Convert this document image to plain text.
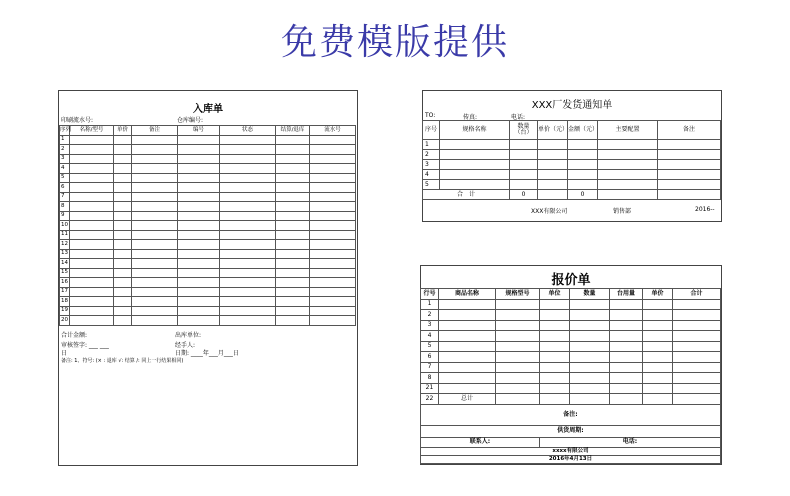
免费模版提供
入库单
印刷流水号:	仓库编号:
序列	名称/型号	单价	备注	编号	状态	结算/退库	流水号
1							
2							
3							
4							
5							
6							
7							
8							
9							
10							
11							
12							
13							
14							
15							
16							
17							
18							
19							
20							
合计金额:	出库单位:
审核签字: ___ ___	经手人:
日	日期: ____年___月___日
备注: 1、符号: (× : 退库 √: 结算 /: 同上一行结果相同)
XXX厂发货通知单
TO:	传真:	电话:
序号	规格名称	数量（台）	单价（元）	金额（元）	主要配置	备注
1						
2						
3						
4						
5						
合　计		0		0		
XXX有限公司	销售部	2016--
报价单
行号	商品名称	规格型号	单位	数量	台用量	单价	合计
1							
2							
3							
4							
5							
6							
7							
8							
21							
22	总计						
备注:							
供货周期:							
联系人:			电话:				
xxxx有限公司							
2016年4月13日							
